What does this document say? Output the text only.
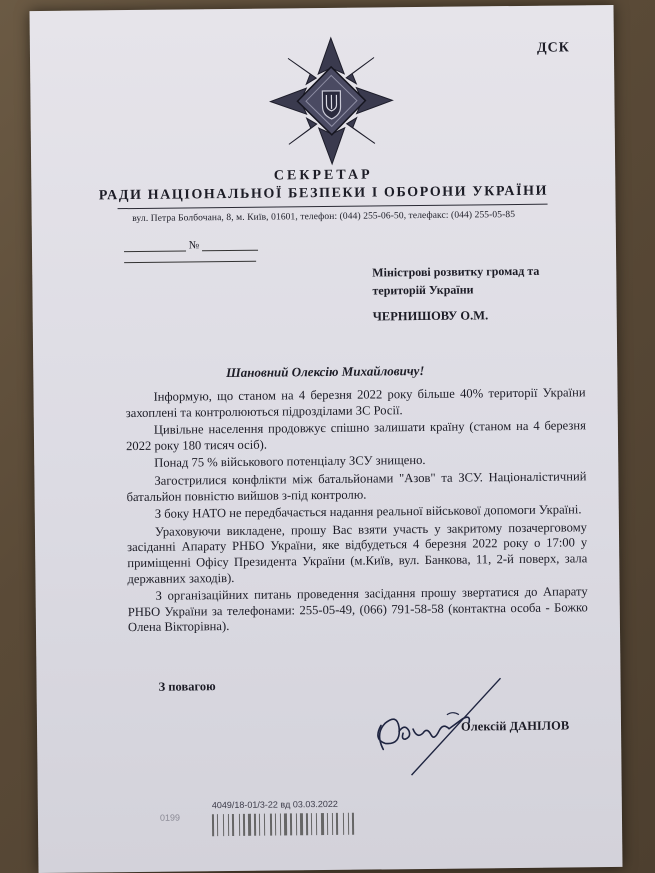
ДСК
СЕКРЕТАР
РАДИ НАЦІОНАЛЬНОЇ БЕЗПЕКИ І ОБОРОНИ УКРАЇНИ
вул. Петра Болбочана, 8, м. Київ, 01601, телефон: (044) 255-06-50, телефакс: (044) 255-05-85
№
Міністрові розвитку громад та територій України
ЧЕРНИШОВУ О.М.
Шановний Олексію Михайловичу!

Інформую, що станом на 4 березня 2022 року більше 40% території України захоплені та контролюються підрозділами ЗС Росії.

Цивільне населення продовжує спішно залишати країну (станом на 4 березня 2022 року 180 тисяч осіб).

Понад 75 % військового потенціалу ЗСУ знищено.

Загострилися конфлікти між батальйонами "Азов" та ЗСУ. Націоналістичний батальйон повністю вийшов з-під контролю.

З боку НАТО не передбачається надання реальної військової допомоги Україні.

Ураховуючи викладене, прошу Вас взяти участь у закритому позачерговому засіданні Апарату РНБО України, яке відбудеться 4 березня 2022 року о 17:00 у приміщенні Офісу Президента України (м.Київ, вул. Банкова, 11, 2-й поверх, зала державних заходів).

З організаційних питань проведення засідання прошу звертатися до Апарату РНБО України за телефонами: 255-05-49, (066) 791-58-58 (контактна особа - Божко Олена Вікторівна).

З повагою
Олексій ДАНІЛОВ
0199
4049/18-01/3-22 вд 03.03.2022
